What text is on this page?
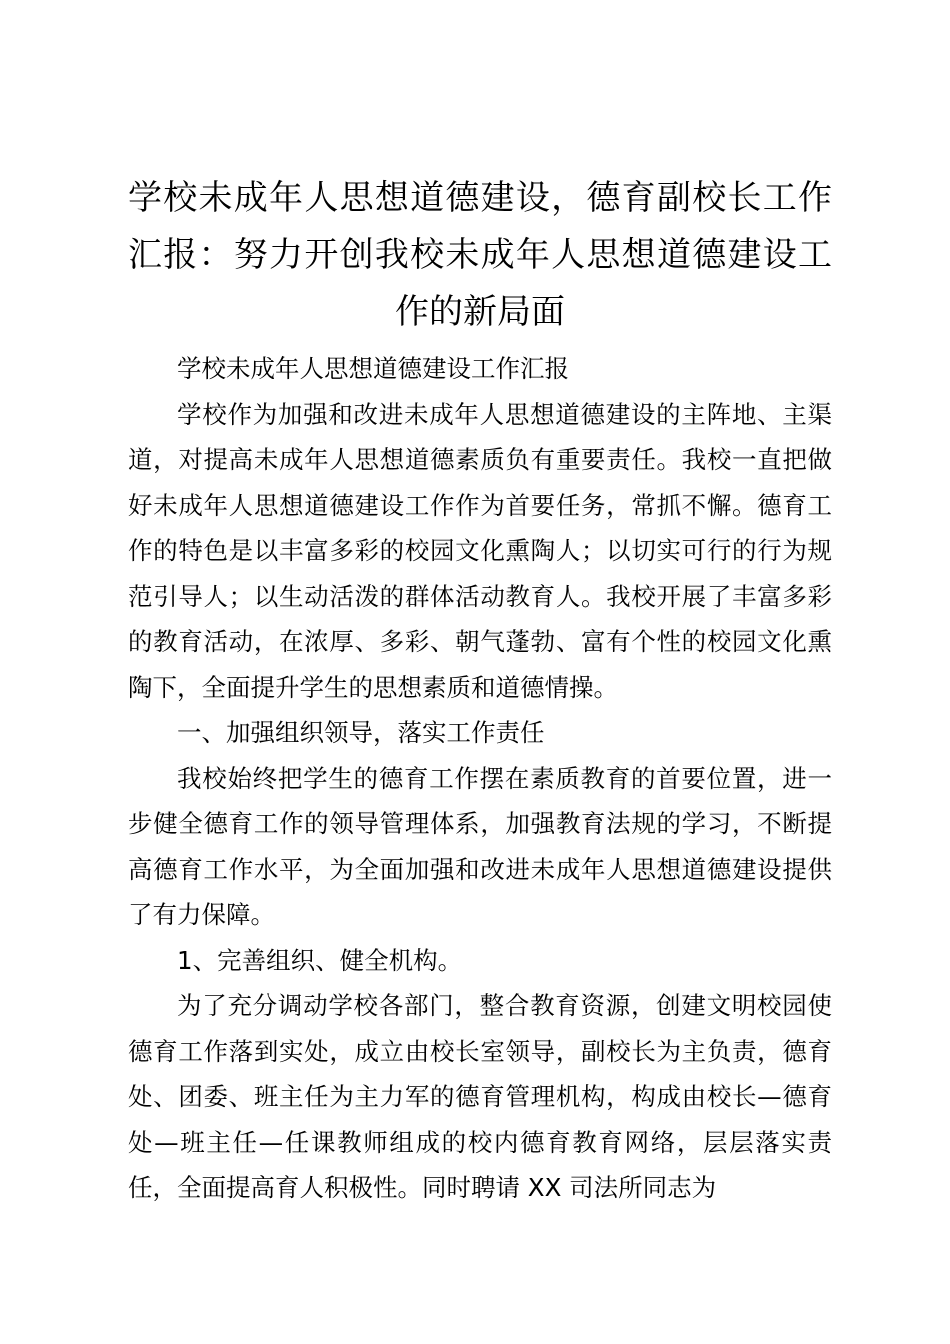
学校未成年人思想道德建设，德育副校长工作汇报：努力开创我校未成年人思想道德建设工作的新局面

学校未成年人思想道德建设工作汇报

学校作为加强和改进未成年人思想道德建设的主阵地、主渠道，对提高未成年人思想道德素质负有重要责任。我校一直把做好未成年人思想道德建设工作作为首要任务，常抓不懈。德育工作的特色是以丰富多彩的校园文化熏陶人；以切实可行的行为规范引导人；以生动活泼的群体活动教育人。我校开展了丰富多彩的教育活动，在浓厚、多彩、朝气蓬勃、富有个性的校园文化熏陶下，全面提升学生的思想素质和道德情操。

一、加强组织领导，落实工作责任

我校始终把学生的德育工作摆在素质教育的首要位置，进一步健全德育工作的领导管理体系，加强教育法规的学习，不断提高德育工作水平，为全面加强和改进未成年人思想道德建设提供了有力保障。

1、完善组织、健全机构。

为了充分调动学校各部门，整合教育资源，创建文明校园使德育工作落到实处，成立由校长室领导，副校长为主负责，德育处、团委、班主任为主力军的德育管理机构，构成由校长—德育处—班主任—任课教师组成的校内德育教育网络，层层落实责任，全面提高育人积极性。同时聘请 XX 司法所同志为
